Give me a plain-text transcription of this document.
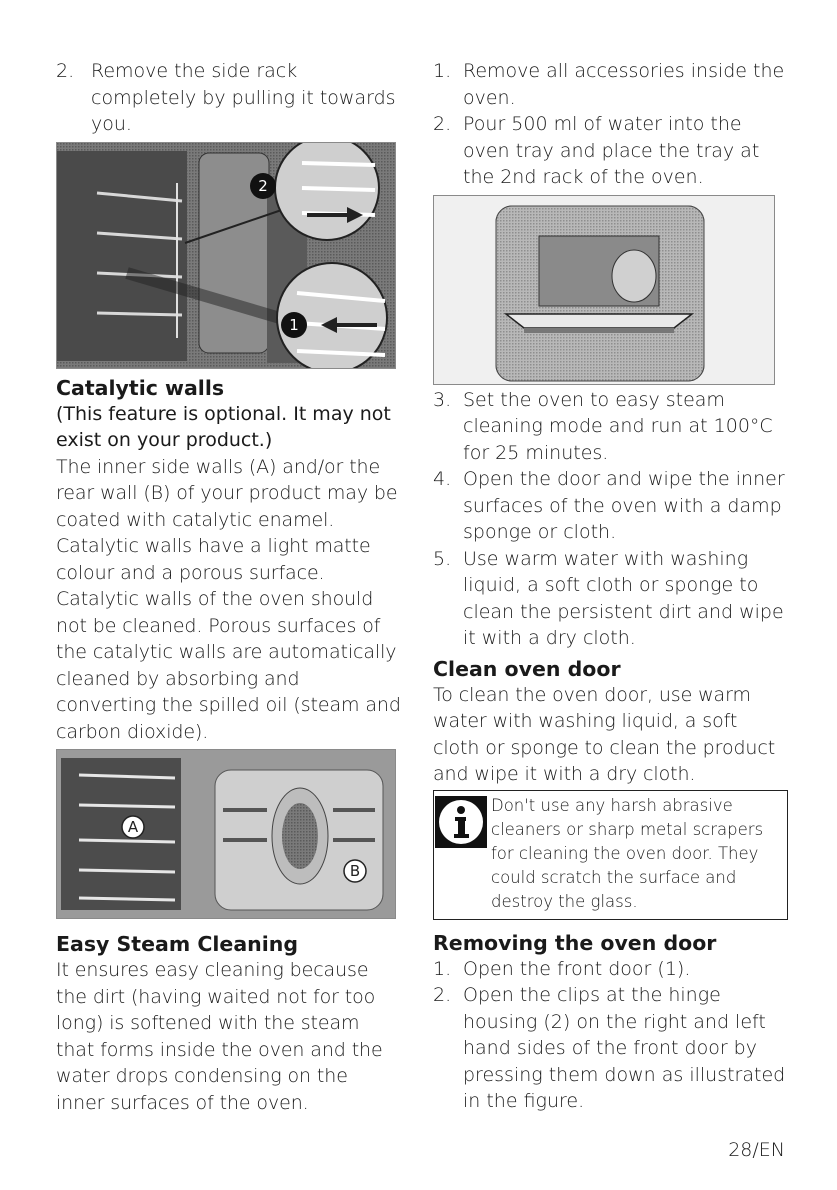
2. Remove the side rack completely by pulling it towards you.
2
1
Catalytic walls

(This feature is optional. It may not exist on your product.)

The inner side walls (A) and/or the rear wall (B) of your product may be coated with catalytic enamel. Catalytic walls have a light matte colour and a porous surface. Catalytic walls of the oven should not be cleaned. Porous surfaces of the catalytic walls are automatically cleaned by absorbing and converting the spilled oil (steam and carbon dioxide).

A
B
Easy Steam Cleaning

It ensures easy cleaning because the dirt (having waited not for too long) is softened with the steam that forms inside the oven and the water drops condensing on the inner surfaces of the oven.

1. Remove all accessories inside the oven.
2. Pour 500 ml of water into the oven tray and place the tray at the 2nd rack of the oven.
3. Set the oven to easy steam cleaning mode and run at 100°C for 25 minutes.
4. Open the door and wipe the inner surfaces of the oven with a damp sponge or cloth.
5. Use warm water with washing liquid, a soft cloth or sponge to clean the persistent dirt and wipe it with a dry cloth.
Clean oven door

To clean the oven door, use warm water with washing liquid, a soft cloth or sponge to clean the product and wipe it with a dry cloth.

Don't use any harsh abrasive cleaners or sharp metal scrapers for cleaning the oven door. They could scratch the surface and destroy the glass.
Removing the oven door
1. Open the front door (1).
2. Open the clips at the hinge housing (2) on the right and left hand sides of the front door by pressing them down as illustrated in the figure.
28/EN
